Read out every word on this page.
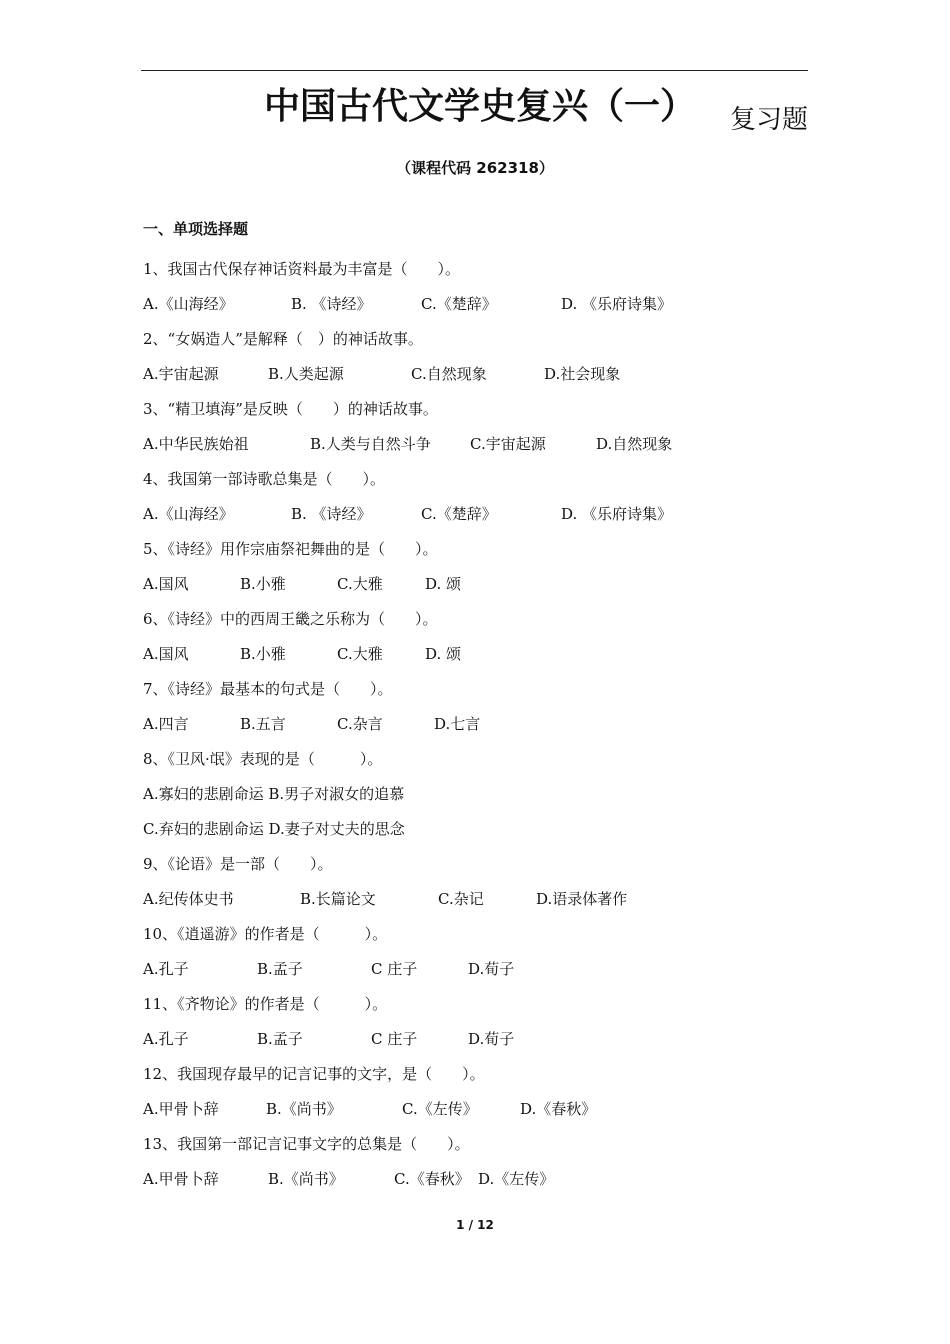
中国古代文学史复兴（一）	复习题
（课程代码 262318）
一、单项选择题
1、我国古代保存神话资料最为丰富是（　　）。
A.《山海经》	B. 《诗经》	C.《楚辞》	D. 《乐府诗集》
2、“女娲造人”是解释（　）的神话故事。
A.宇宙起源	B.人类起源	C.自然现象	D.社会现象
3、“精卫填海”是反映（　　）的神话故事。
A.中华民族始祖	B.人类与自然斗争	C.宇宙起源	D.自然现象
4、我国第一部诗歌总集是（　　）。
A.《山海经》	B. 《诗经》	C.《楚辞》	D. 《乐府诗集》
5、《诗经》用作宗庙祭祀舞曲的是（　　）。
A.国风	B.小雅	C.大雅	D. 颂
6、《诗经》中的西周王畿之乐称为（　　）。
A.国风	B.小雅	C.大雅	D. 颂
7、《诗经》最基本的句式是（　　）。
A.四言	B.五言	C.杂言	D.七言
8、《卫风·氓》表现的是（　　　）。
A.寡妇的悲剧命运 B.男子对淑女的追慕
C.弃妇的悲剧命运 D.妻子对丈夫的思念
9、《论语》是一部（　　）。
A.纪传体史书	B.长篇论文	C.杂记	D.语录体著作
10、《逍遥游》的作者是（　　　）。
A.孔子	B.孟子	C 庄子	D.荀子
11、《齐物论》的作者是（　　　）。
A.孔子	B.孟子	C 庄子	D.荀子
12、我国现存最早的记言记事的文字，是（　　）。
A.甲骨卜辞	B.《尚书》	C.《左传》	D.《春秋》
13、我国第一部记言记事文字的总集是（　　）。
A.甲骨卜辞	B.《尚书》	C.《春秋》 D.《左传》
1 / 12
